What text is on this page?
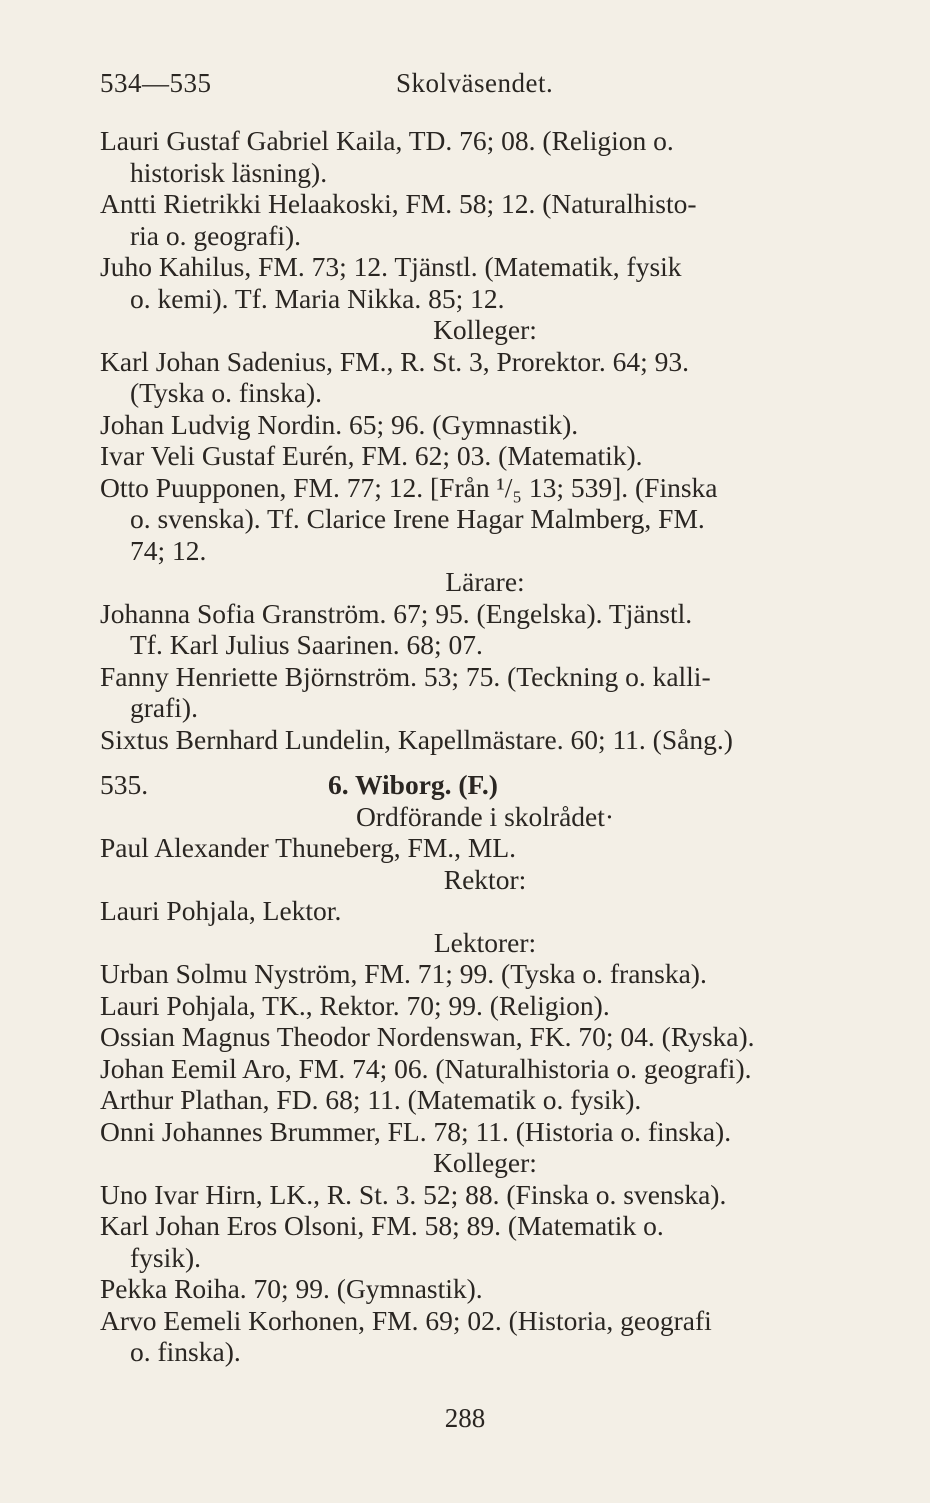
534—535	Skolväsendet.
Lauri Gustaf Gabriel Kaila, TD. 76; 08. (Religion o.
historisk läsning).
Antti Rietrikki Helaakoski, FM. 58; 12. (Naturalhisto-
ria o. geografi).
Juho Kahilus, FM. 73; 12. Tjänstl. (Matematik, fysik
o. kemi). Tf. Maria Nikka. 85; 12.
Kolleger:
Karl Johan Sadenius, FM., R. St. 3, Prorektor. 64; 93.
(Tyska o. finska).
Johan Ludvig Nordin. 65; 96. (Gymnastik).
Ivar Veli Gustaf Eurén, FM. 62; 03. (Matematik).
Otto Puupponen, FM. 77; 12. [Från ¹/₅ 13; 539]. (Finska
o. svenska). Tf. Clarice Irene Hagar Malmberg, FM.
74; 12.
Lärare:
Johanna Sofia Granström. 67; 95. (Engelska). Tjänstl.
Tf. Karl Julius Saarinen. 68; 07.
Fanny Henriette Björnström. 53; 75. (Teckning o. kalli-
grafi).
Sixtus Bernhard Lundelin, Kapellmästare. 60; 11. (Sång.)
535.	6. Wiborg. (F.)
Ordförande i skolrådet·
Paul Alexander Thuneberg, FM., ML.
Rektor:
Lauri Pohjala, Lektor.
Lektorer:
Urban Solmu Nyström, FM. 71; 99. (Tyska o. franska).
Lauri Pohjala, TK., Rektor. 70; 99. (Religion).
Ossian Magnus Theodor Nordenswan, FK. 70; 04. (Ryska).
Johan Eemil Aro, FM. 74; 06. (Naturalhistoria o. geografi).
Arthur Plathan, FD. 68; 11. (Matematik o. fysik).
Onni Johannes Brummer, FL. 78; 11. (Historia o. finska).
Kolleger:
Uno Ivar Hirn, LK., R. St. 3. 52; 88. (Finska o. svenska).
Karl Johan Eros Olsoni, FM. 58; 89. (Matematik o.
fysik).
Pekka Roiha. 70; 99. (Gymnastik).
Arvo Eemeli Korhonen, FM. 69; 02. (Historia, geografi
o. finska).
288
